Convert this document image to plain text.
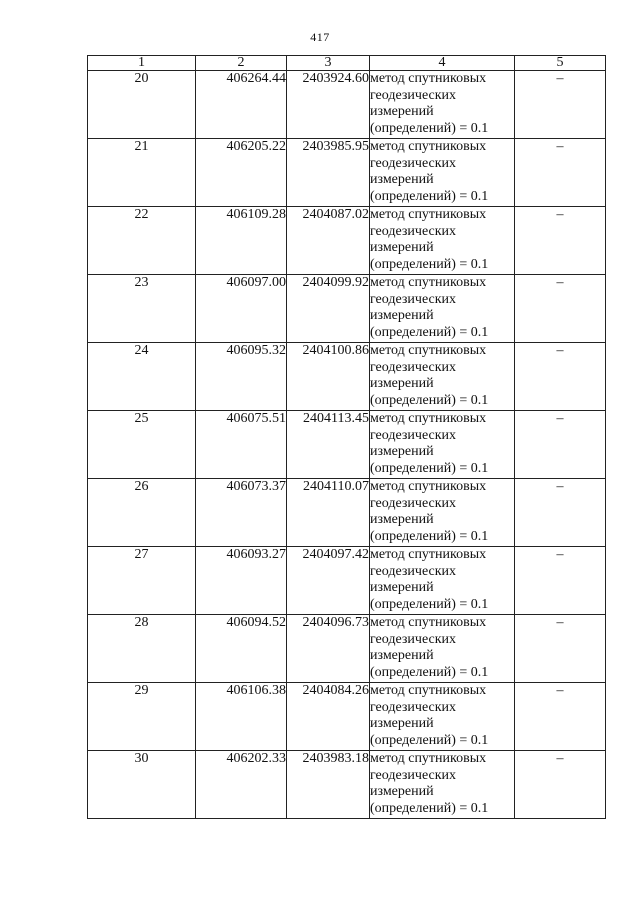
417
1	2	3	4	5
20	406264.44	2403924.60	метод спутниковых
геодезических
измерений
(определений) = 0.1	–
21	406205.22	2403985.95	метод спутниковых
геодезических
измерений
(определений) = 0.1	–
22	406109.28	2404087.02	метод спутниковых
геодезических
измерений
(определений) = 0.1	–
23	406097.00	2404099.92	метод спутниковых
геодезических
измерений
(определений) = 0.1	–
24	406095.32	2404100.86	метод спутниковых
геодезических
измерений
(определений) = 0.1	–
25	406075.51	2404113.45	метод спутниковых
геодезических
измерений
(определений) = 0.1	–
26	406073.37	2404110.07	метод спутниковых
геодезических
измерений
(определений) = 0.1	–
27	406093.27	2404097.42	метод спутниковых
геодезических
измерений
(определений) = 0.1	–
28	406094.52	2404096.73	метод спутниковых
геодезических
измерений
(определений) = 0.1	–
29	406106.38	2404084.26	метод спутниковых
геодезических
измерений
(определений) = 0.1	–
30	406202.33	2403983.18	метод спутниковых
геодезических
измерений
(определений) = 0.1	–
